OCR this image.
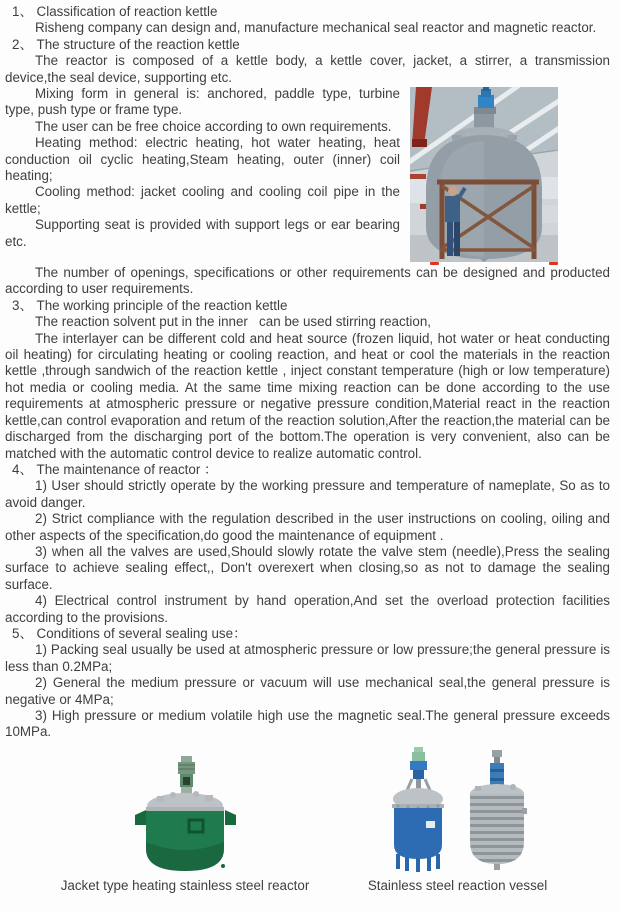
1、 Classification of reaction kettle

Risheng company can design and, manufacture mechanical seal reactor and magnetic reactor.

2、 The structure of the reaction kettle

The reactor is composed of a kettle body, a kettle cover, jacket, a stirrer, a transmission device,the seal device, supporting etc.

Mixing form in general is: anchored, paddle type, turbine type, push type or frame type.

The user can be free choice according to own requirements.

Heating method: electric heating, hot water heating, heat conduction oil cyclic heating,Steam heating, outer (inner) coil heating;

Cooling method: jacket cooling and cooling coil pipe in the kettle;

Supporting seat is provided with support legs or ear bearing etc.

The number of openings, specifications or other requirements can be designed and producted according to user requirements.

3、 The working principle of the reaction kettle

The reaction solvent put in the inner   can be used stirring reaction,

The interlayer can be different cold and heat source (frozen liquid, hot water or heat conducting oil heating) for circulating heating or cooling reaction, and heat or cool the materials in the reaction kettle ,through sandwich of the reaction kettle , inject constant temperature (high or low temperature) hot media or cooling media. At the same time mixing reaction can be done according to the use requirements at atmospheric pressure or negative pressure condition,Material react in the reaction kettle,can control evaporation and retum of the reaction solution,After the reaction,the material can be discharged from the discharging port of the bottom.The operation is very convenient, also can be matched with the automatic control device to realize automatic control.

4、 The maintenance of reactor ：

1) User should strictly operate by the working pressure and temperature of nameplate, So as to avoid danger.

2) Strict compliance with the regulation described in the user instructions on cooling, oiling and other aspects of the specification,do good the maintenance of equipment .

3) when all the valves are used,Should slowly rotate the valve stem (needle),Press the sealing surface to achieve sealing effect,, Don't overexert when closing,so as not to damage the sealing surface.

4) Electrical control instrument by hand operation,And set the overload protection facilities according to the provisions.

5、 Conditions of several sealing use：

1) Packing seal usually be used at atmospheric pressure or low pressure;the general pressure is less than 0.2MPa;

2) General the medium pressure or vacuum will use mechanical seal,the general pressure is negative or 4MPa;

3) High pressure or medium volatile high use the magnetic seal.The general pressure exceeds 10MPa.

Jacket type heating stainless steel reactor	Stainless steel reaction vessel
